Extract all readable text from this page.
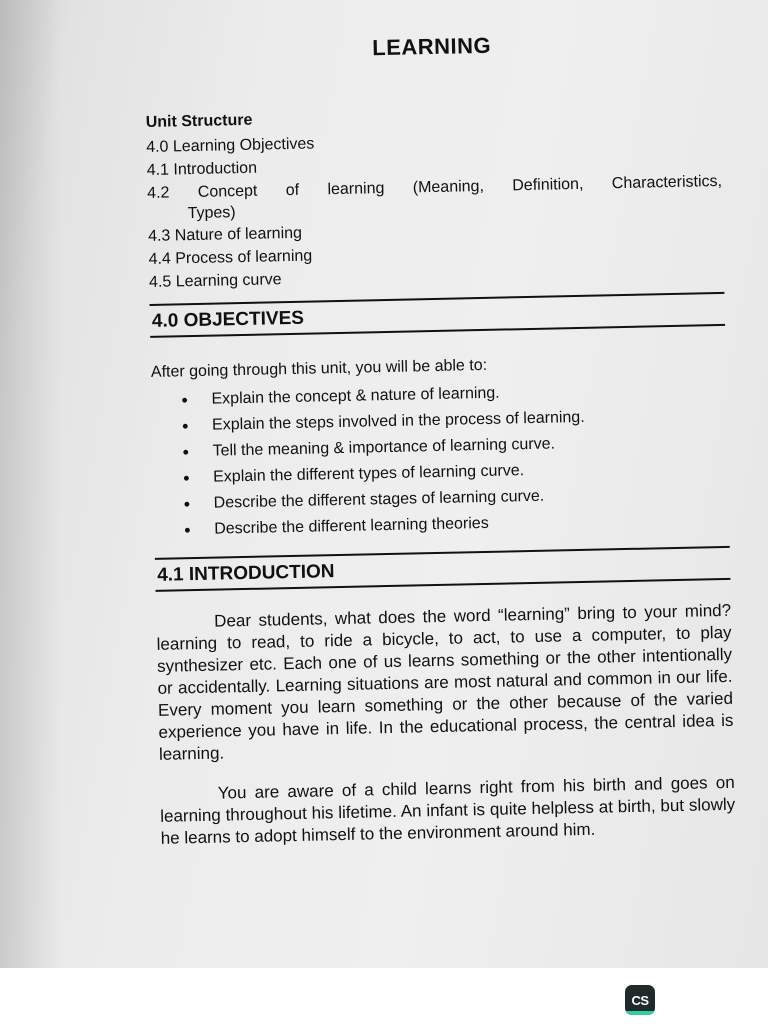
LEARNING
Unit Structure
4.0 Learning Objectives
4.1 Introduction
4.2 Concept of learning (Meaning, Definition, Characteristics,
Types)
4.3 Nature of learning
4.4 Process of learning
4.5 Learning curve
4.0 OBJECTIVES
After going through this unit, you will be able to:
• Explain the concept & nature of learning.
• Explain the steps involved in the process of learning.
• Tell the meaning & importance of learning curve.
• Explain the different types of learning curve.
• Describe the different stages of learning curve.
• Describe the different learning theories
4.1 INTRODUCTION

Dear students, what does the word “learning” bring to your mind? learning to read, to ride a bicycle, to act, to use a computer, to play synthesizer etc. Each one of us learns something or the other intentionally or accidentally. Learning situations are most natural and common in our life. Every moment you learn something or the other because of the varied experience you have in life. In the educational process, the central idea is learning.

You are aware of a child learns right from his birth and goes on learning throughout his lifetime. An infant is quite helpless at birth, but slowly he learns to adopt himself to the environment around him.

CS
